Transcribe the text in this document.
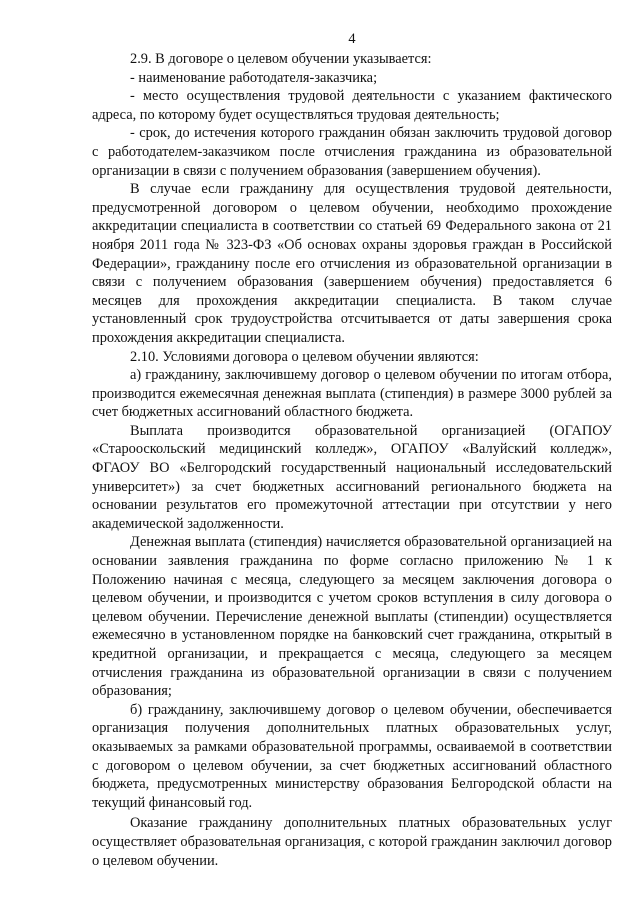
4

2.9. В договоре о целевом обучении указывается:

- наименование работодателя-заказчика;

- место осуществления трудовой деятельности с указанием фактического адреса, по которому будет осуществляться трудовая деятельность;

- срок, до истечения которого гражданин обязан заключить трудовой договор с работодателем-заказчиком после отчисления гражданина из образовательной организации в связи с получением образования (завершением обучения).

В случае если гражданину для осуществления трудовой деятельности, предусмотренной договором о целевом обучении, необходимо прохождение аккредитации специалиста в соответствии со статьей 69 Федерального закона от 21 ноября 2011 года № 323-ФЗ «Об основах охраны здоровья граждан в Российской Федерации», гражданину после его отчисления из образовательной организации в связи с получением образования (завершением обучения) предоставляется 6 месяцев для прохождения аккредитации специалиста. В таком случае установленный срок трудоустройства отсчитывается от даты завершения срока прохождения аккредитации специалиста.

2.10. Условиями договора о целевом обучении являются:

а) гражданину, заключившему договор о целевом обучении по итогам отбора, производится ежемесячная денежная выплата (стипендия) в размере 3000 рублей за счет бюджетных ассигнований областного бюджета.

Выплата производится образовательной организацией (ОГАПОУ «Старооскольский медицинский колледж», ОГАПОУ «Валуйский колледж», ФГАОУ ВО «Белгородский государственный национальный исследовательский университет») за счет бюджетных ассигнований регионального бюджета на основании результатов его промежуточной аттестации при отсутствии у него академической задолженности.

Денежная выплата (стипендия) начисляется образовательной организацией на основании заявления гражданина по форме согласно приложению № 1 к Положению начиная с месяца, следующего за месяцем заключения договора о целевом обучении, и производится с учетом сроков вступления в силу договора о целевом обучении. Перечисление денежной выплаты (стипендии) осуществляется ежемесячно в установленном порядке на банковский счет гражданина, открытый в кредитной организации, и прекращается с месяца, следующего за месяцем отчисления гражданина из образовательной организации в связи с получением образования;

б) гражданину, заключившему договор о целевом обучении, обеспечивается организация получения дополнительных платных образовательных услуг, оказываемых за рамками образовательной программы, осваиваемой в соответствии с договором о целевом обучении, за счет бюджетных ассигнований областного бюджета, предусмотренных министерству образования Белгородской области на текущий финансовый год.

Оказание гражданину дополнительных платных образовательных услуг осуществляет образовательная организация, с которой гражданин заключил договор о целевом обучении.
